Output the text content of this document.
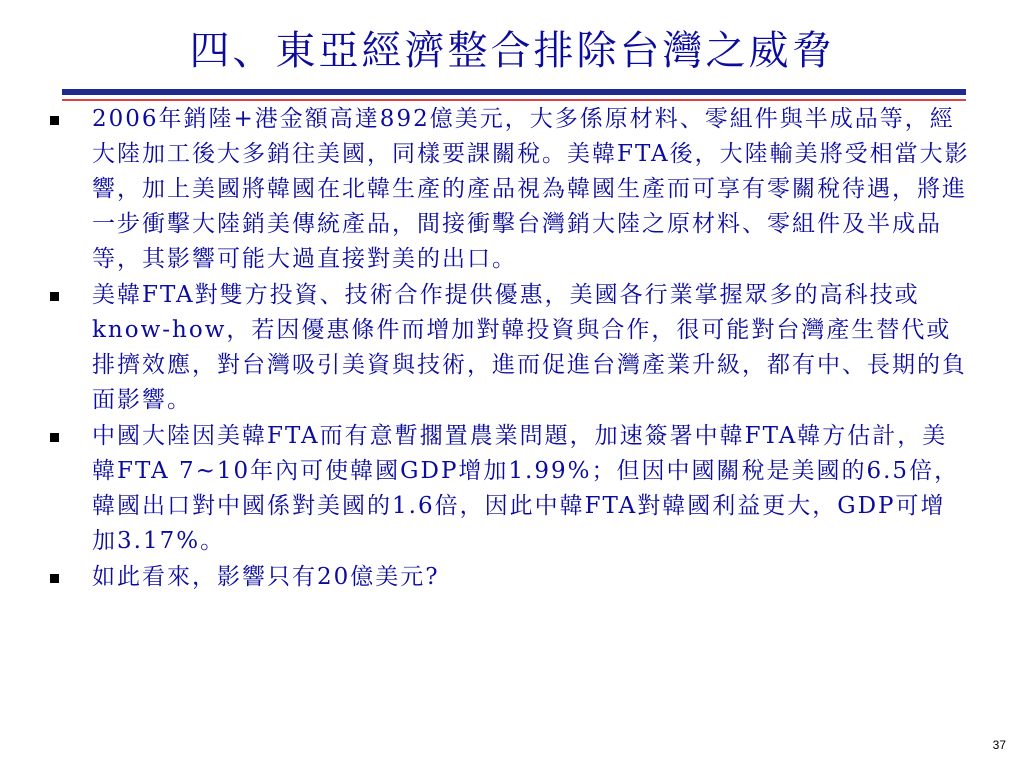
四、東亞經濟整合排除台灣之威脅
2006年銷陸+港金額高達892億美元，大多係原材料、零組件與半成品等，經大陸加工後大多銷往美國，同樣要課關稅。美韓FTA後，大陸輸美將受相當大影響，加上美國將韓國在北韓生產的產品視為韓國生產而可享有零關稅待遇，將進一步衝擊大陸銷美傳統產品，間接衝擊台灣銷大陸之原材料、零組件及半成品等，其影響可能大過直接對美的出口。
美韓FTA對雙方投資、技術合作提供優惠，美國各行業掌握眾多的高科技或know-how，若因優惠條件而增加對韓投資與合作，很可能對台灣產生替代或排擠效應，對台灣吸引美資與技術，進而促進台灣產業升級，都有中、長期的負面影響。
中國大陸因美韓FTA而有意暫擱置農業問題，加速簽署中韓FTA韓方估計，美韓FTA 7~10年內可使韓國GDP增加1.99%；但因中國關稅是美國的6.5倍，韓國出口對中國係對美國的1.6倍，因此中韓FTA對韓國利益更大，GDP可增加3.17%。
如此看來，影響只有20億美元?
37
